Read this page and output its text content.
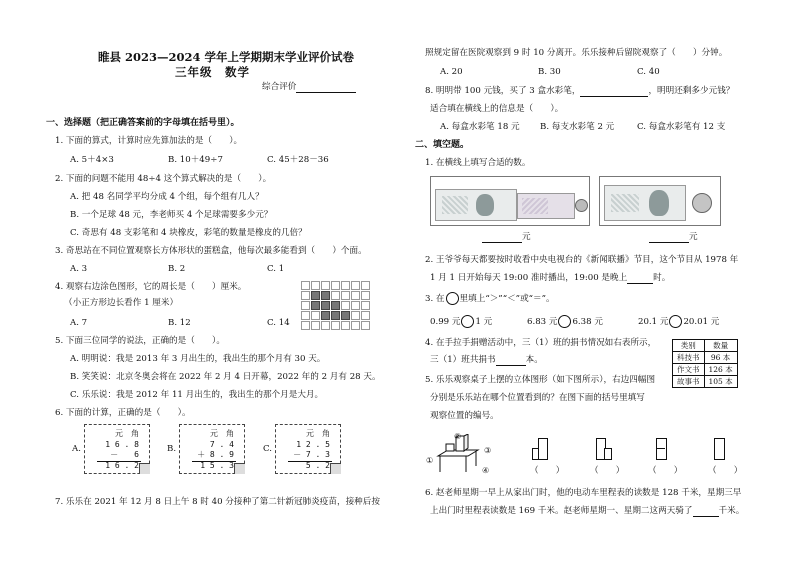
睢县 2023—2024 学年上学期期末学业评价试卷
三年级　数学
综合评价
一、选择题（把正确答案前的字母填在括号里）。
1. 下面的算式，计算时应先算加法的是（　　）。
A. 5＋4×3	B. 10＋49÷7	C. 45＋28－36
2. 下面的问题不能用 48÷4 这个算式解决的是（　　）。
A. 把 48 名同学平均分成 4 个组，每个组有几人？
B. 一个足球 48 元，李老师买 4 个足球需要多少元？
C. 奇思有 48 支彩笔和 4 块橡皮，彩笔的数量是橡皮的几倍？
3. 奇思站在不同位置观察长方体形状的蛋糕盒，他每次最多能看到（　　）个面。
A. 3	B. 2	C. 1
4. 观察右边涂色图形，它的周长是（　　）厘米。
（小正方形边长看作 1 厘米）
A. 7	B. 12	C. 14
5. 下面三位同学的说法，正确的是（　　）。
A. 明明说：我是 2013 年 3 月出生的，我出生的那个月有 30 天。
B. 笑笑说：北京冬奥会将在 2022 年 2 月 4 日开幕，2022 年的 2 月有 28 天。
C. 乐乐说：我是 2012 年 11 月出生的，我出生的那个月是大月。
6. 下面的计算，正确的是（　　）。
A.
元　角
1 6 . 8
－　　6
1 6 . 2
B.
元　角
7 . 4
＋ 8 . 9
1 5 . 3
C.
元　角
1 2 . 5
－ 7 . 3
5 . 2
7. 乐乐在 2021 年 12 月 8 日上午 8 时 40 分接种了第二针新冠肺炎疫苗，接种后按
照规定留在医院观察到 9 时 10 分离开。乐乐接种后留院观察了（　　）分钟。
A. 20	B. 30	C. 40
8. 明明带 100 元钱，买了 3 盒水彩笔，	，明明还剩多少元钱？
适合填在横线上的信息是（　　）。
A. 每盒水彩笔 18 元 B. 每支水彩笔 2 元	C. 每盒水彩笔有 12 支
二、填空题。
1. 在横线上填写合适的数。
元	元
2. 王爷爷每天都要按时收看中央电视台的《新闻联播》节目，这个节目从 1978 年
1 月 1 日开始每天 19:00 准时播出，19:00 是晚上	时。
3. 在 里填上“＞”“＜”或“＝”。
0.99 元 1 元	6.83 元 6.38 元	20.1 元 20.01 元
4. 在手拉手捐赠活动中，三（1）班的捐书情况如右表所示，
三（1）班共捐书	本。
类别	数量
科技书	96 本
作文书	126 本
故事书	105 本
5. 乐乐观察桌子上摆的立体图形（如下图所示），右边四幅图
分别是乐乐站在哪个位置看到的？在图下面的括号里填写
观察位置的编号。
①
②
③
④	（　　）	（　　）	（　　）	（　　）
6. 赵老师星期一早上从家出门时，他的电动车里程表的读数是 128 千米，星期三早
上出门时里程表读数是 169 千米。赵老师星期一、星期二这两天骑了	千米。
